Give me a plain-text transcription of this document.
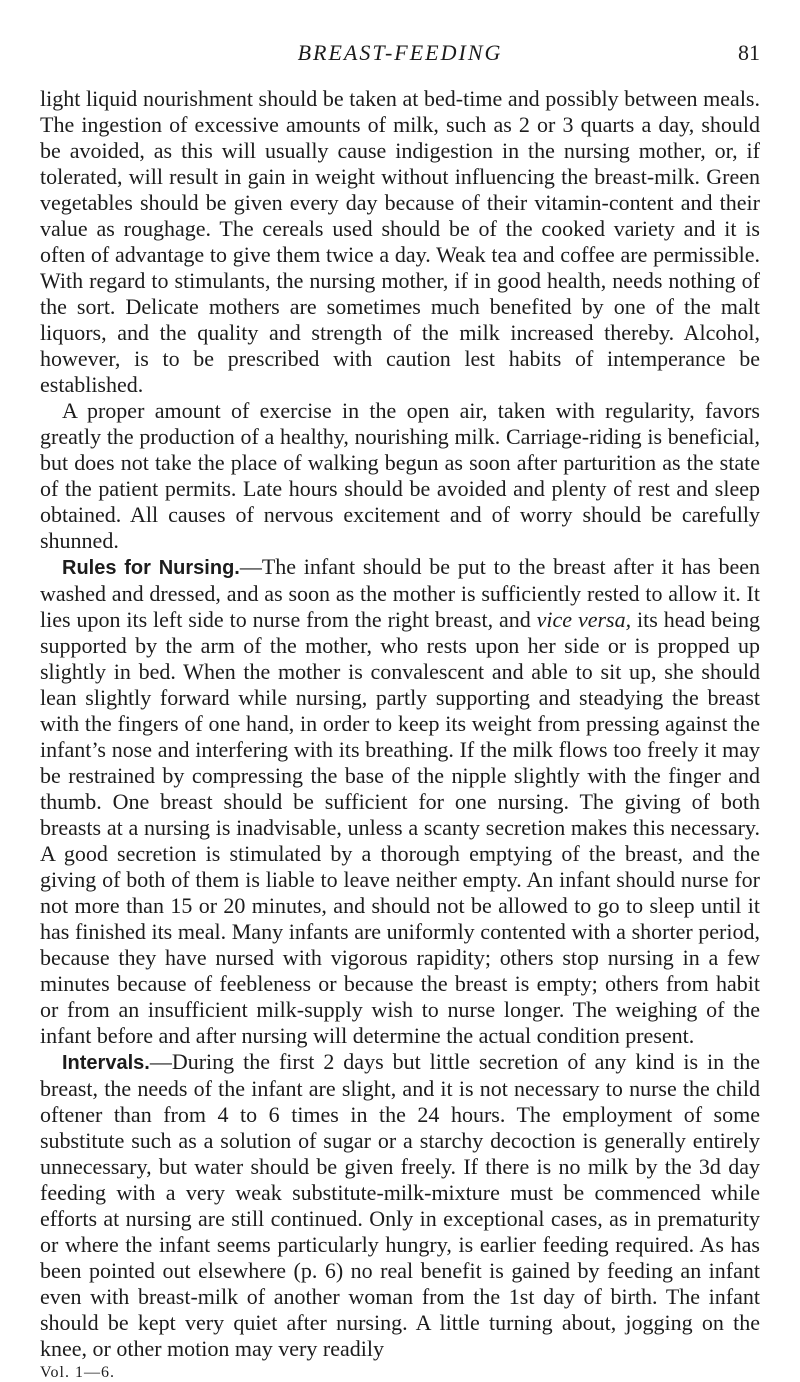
BREAST-FEEDING	81

light liquid nourishment should be taken at bed-time and possibly between meals. The ingestion of excessive amounts of milk, such as 2 or 3 quarts a day, should be avoided, as this will usually cause indigestion in the nursing mother, or, if tolerated, will result in gain in weight without influencing the breast-milk. Green vegetables should be given every day because of their vitamin-content and their value as roughage. The cereals used should be of the cooked variety and it is often of advantage to give them twice a day. Weak tea and coffee are permissible. With regard to stimulants, the nursing mother, if in good health, needs nothing of the sort. Delicate mothers are sometimes much benefited by one of the malt liquors, and the quality and strength of the milk increased thereby. Alcohol, however, is to be prescribed with caution lest habits of intemperance be established.

A proper amount of exercise in the open air, taken with regularity, favors greatly the production of a healthy, nourishing milk. Carriage-riding is beneficial, but does not take the place of walking begun as soon after parturition as the state of the patient permits. Late hours should be avoided and plenty of rest and sleep obtained. All causes of nervous excitement and of worry should be carefully shunned.

Rules for Nursing.—The infant should be put to the breast after it has been washed and dressed, and as soon as the mother is sufficiently rested to allow it. It lies upon its left side to nurse from the right breast, and vice versa, its head being supported by the arm of the mother, who rests upon her side or is propped up slightly in bed. When the mother is convalescent and able to sit up, she should lean slightly forward while nursing, partly supporting and steadying the breast with the fingers of one hand, in order to keep its weight from pressing against the infant’s nose and interfering with its breathing. If the milk flows too freely it may be restrained by compressing the base of the nipple slightly with the finger and thumb. One breast should be sufficient for one nursing. The giving of both breasts at a nursing is inadvisable, unless a scanty secretion makes this necessary. A good secretion is stimulated by a thorough emptying of the breast, and the giving of both of them is liable to leave neither empty. An infant should nurse for not more than 15 or 20 minutes, and should not be allowed to go to sleep until it has finished its meal. Many infants are uniformly contented with a shorter period, because they have nursed with vigorous rapidity; others stop nursing in a few minutes because of feebleness or because the breast is empty; others from habit or from an insufficient milk-supply wish to nurse longer. The weighing of the infant before and after nursing will determine the actual condition present.

Intervals.—During the first 2 days but little secretion of any kind is in the breast, the needs of the infant are slight, and it is not necessary to nurse the child oftener than from 4 to 6 times in the 24 hours. The employment of some substitute such as a solution of sugar or a starchy decoction is generally entirely unnecessary, but water should be given freely. If there is no milk by the 3d day feeding with a very weak substitute-milk-mixture must be commenced while efforts at nursing are still continued. Only in exceptional cases, as in prematurity or where the infant seems particularly hungry, is earlier feeding required. As has been pointed out elsewhere (p. 6) no real benefit is gained by feeding an infant even with breast-milk of another woman from the 1st day of birth. The infant should be kept very quiet after nursing. A little turning about, jogging on the knee, or other motion may very readily

Vol. 1—6.
